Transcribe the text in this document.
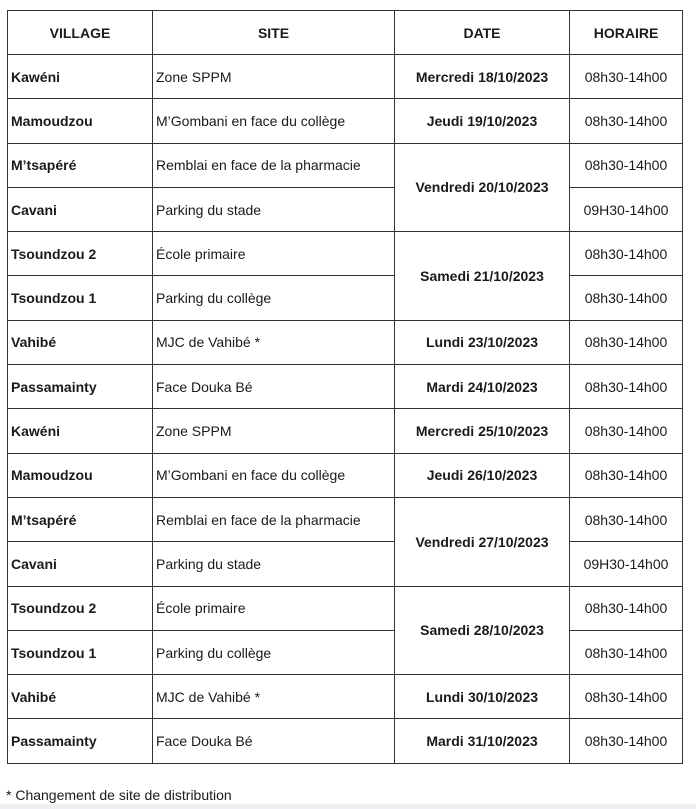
VILLAGE	SITE	DATE	HORAIRE
Kawéni	Zone SPPM	Mercredi 18/10/2023	08h30-14h00
Mamoudzou	M’Gombani en face du collège	Jeudi 19/10/2023	08h30-14h00
M’tsapéré	Remblai en face de la pharmacie	Vendredi 20/10/2023	08h30-14h00
Cavani	Parking du stade		09H30-14h00
Tsoundzou 2	École primaire	Samedi 21/10/2023	08h30-14h00
Tsoundzou 1	Parking du collège		08h30-14h00
Vahibé	MJC de Vahibé *	Lundi 23/10/2023	08h30-14h00
Passamainty	Face Douka Bé	Mardi 24/10/2023	08h30-14h00
Kawéni	Zone SPPM	Mercredi 25/10/2023	08h30-14h00
Mamoudzou	M’Gombani en face du collège	Jeudi 26/10/2023	08h30-14h00
M’tsapéré	Remblai en face de la pharmacie	Vendredi 27/10/2023	08h30-14h00
Cavani	Parking du stade		09H30-14h00
Tsoundzou 2	École primaire	Samedi 28/10/2023	08h30-14h00
Tsoundzou 1	Parking du collège		08h30-14h00
Vahibé	MJC de Vahibé *	Lundi 30/10/2023	08h30-14h00
Passamainty	Face Douka Bé	Mardi 31/10/2023	08h30-14h00
* Changement de site de distribution
